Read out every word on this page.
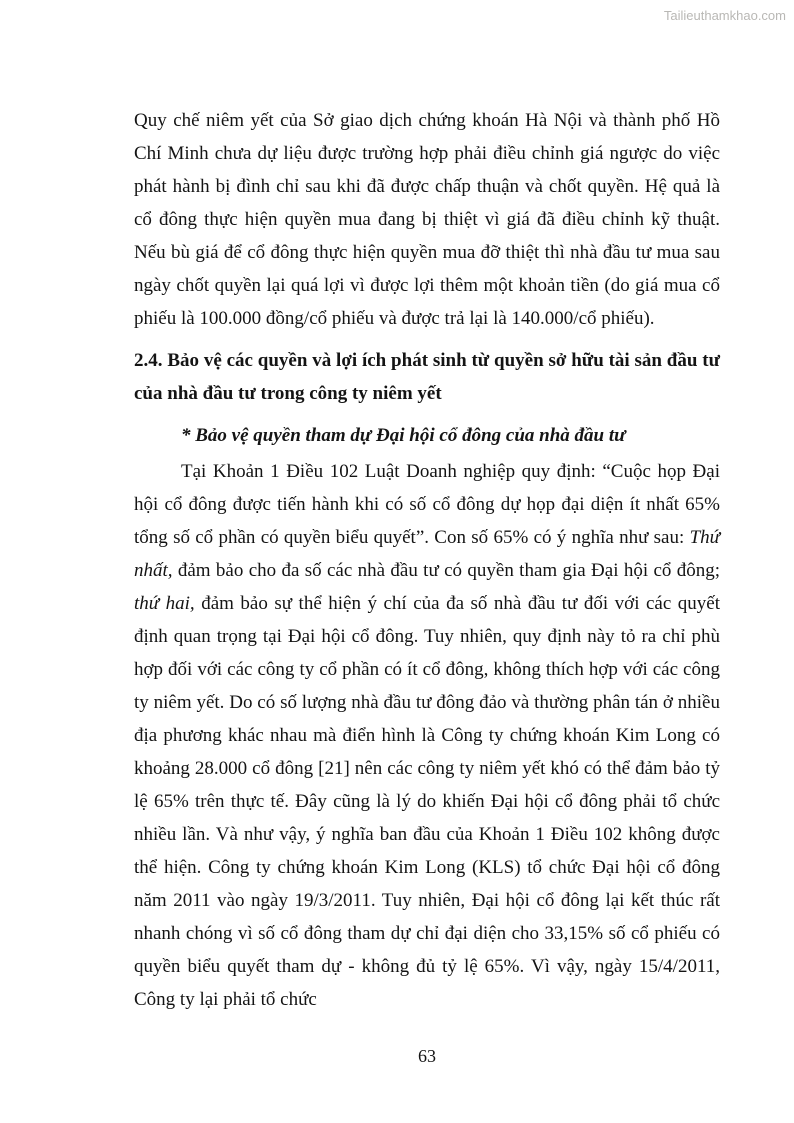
Tailieuthamkhao.com

Quy chế niêm yết của Sở giao dịch chứng khoán Hà Nội và thành phố Hồ Chí Minh chưa dự liệu được trường hợp phải điều chỉnh giá ngược do việc phát hành bị đình chỉ sau khi đã được chấp thuận và chốt quyền. Hệ quả là cổ đông thực hiện quyền mua đang bị thiệt vì giá đã điều chỉnh kỹ thuật. Nếu bù giá để cổ đông thực hiện quyền mua đỡ thiệt thì nhà đầu tư mua sau ngày chốt quyền lại quá lợi vì được lợi thêm một khoản tiền (do giá mua cổ phiếu là 100.000 đồng/cổ phiếu và được trả lại là 140.000/cổ phiếu).

2.4. Bảo vệ các quyền và lợi ích phát sinh từ quyền sở hữu tài sản đầu tư của nhà đầu tư trong công ty niêm yết

* Bảo vệ quyền tham dự Đại hội cổ đông của nhà đầu tư

Tại Khoản 1 Điều 102 Luật Doanh nghiệp quy định: “Cuộc họp Đại hội cổ đông được tiến hành khi có số cổ đông dự họp đại diện ít nhất 65% tổng số cổ phần có quyền biểu quyết”. Con số 65% có ý nghĩa như sau: Thứ nhất, đảm bảo cho đa số các nhà đầu tư có quyền tham gia Đại hội cổ đông; thứ hai, đảm bảo sự thể hiện ý chí của đa số nhà đầu tư đối với các quyết định quan trọng tại Đại hội cổ đông. Tuy nhiên, quy định này tỏ ra chỉ phù hợp đối với các công ty cổ phần có ít cổ đông, không thích hợp với các công ty niêm yết. Do có số lượng nhà đầu tư đông đảo và thường phân tán ở nhiều địa phương khác nhau mà điển hình là Công ty chứng khoán Kim Long có khoảng 28.000 cổ đông [21] nên các công ty niêm yết khó có thể đảm bảo tỷ lệ 65% trên thực tế. Đây cũng là lý do khiến Đại hội cổ đông phải tổ chức nhiều lần. Và như vậy, ý nghĩa ban đầu của Khoản 1 Điều 102 không được thể hiện. Công ty chứng khoán Kim Long (KLS) tổ chức Đại hội cổ đông năm 2011 vào ngày 19/3/2011. Tuy nhiên, Đại hội cổ đông lại kết thúc rất nhanh chóng vì số cổ đông tham dự chỉ đại diện cho 33,15% số cổ phiếu có quyền biểu quyết tham dự - không đủ tỷ lệ 65%. Vì vậy, ngày 15/4/2011, Công ty lại phải tổ chức

63
